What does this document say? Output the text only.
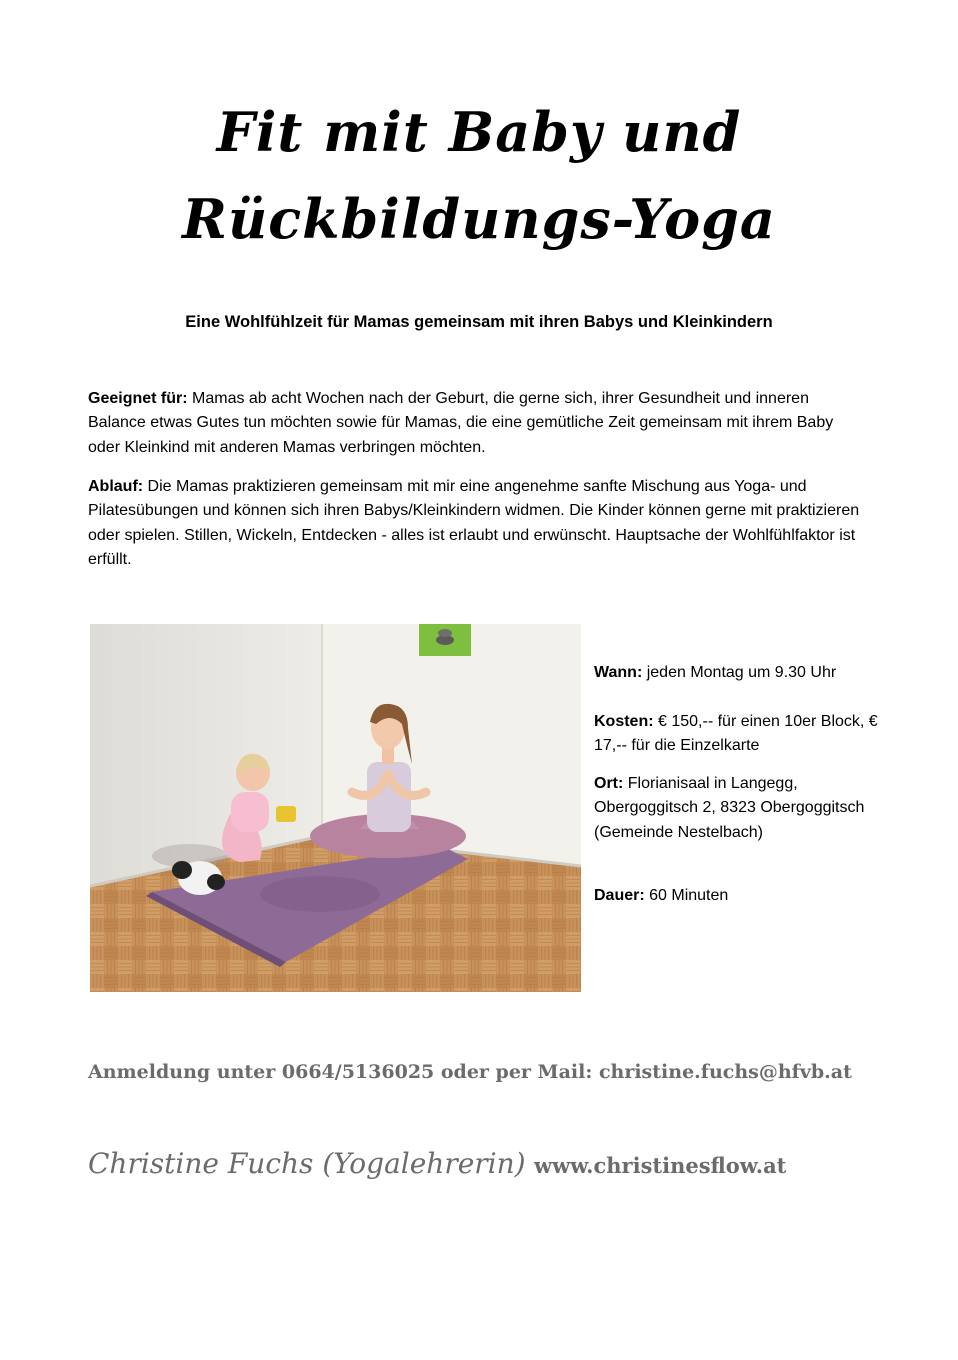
Fit mit Baby und
Rückbildungs-Yoga

Eine Wohlfühlzeit für Mamas gemeinsam mit ihren Babys und Kleinkindern

Geeignet für: Mamas ab acht Wochen nach der Geburt, die gerne sich, ihrer Gesundheit und inneren Balance etwas Gutes tun möchten sowie für Mamas, die eine gemütliche Zeit gemeinsam mit ihrem Baby oder Kleinkind mit anderen Mamas verbringen möchten.

Ablauf: Die Mamas praktizieren gemeinsam mit mir eine angenehme sanfte Mischung aus Yoga- und Pilatesübungen und können sich ihren Babys/Kleinkindern widmen. Die Kinder können gerne mit praktizieren oder spielen. Stillen, Wickeln, Entdecken - alles ist erlaubt und erwünscht. Hauptsache der Wohlfühlfaktor ist erfüllt.

Wann: jeden Montag um 9.30 Uhr

Kosten: € 150,-- für einen 10er Block, € 17,-- für die Einzelkarte

Ort: Florianisaal in Langegg, Obergoggitsch 2, 8323 Obergoggitsch (Gemeinde Nestelbach)

Dauer: 60 Minuten

Anmeldung unter 0664/5136025 oder per Mail: christine.fuchs@hfvb.at

Christine Fuchs (Yogalehrerin) www.christinesflow.at
